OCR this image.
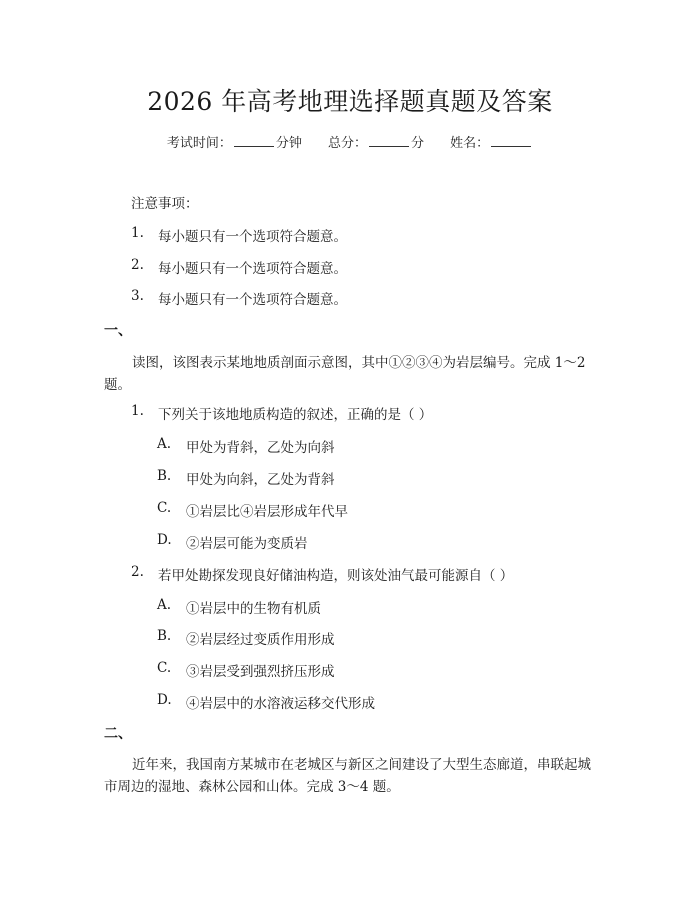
2026 年高考地理选择题真题及答案
考试时间：	分钟 总分：	分 姓名：
注意事项：
1. 每小题只有一个选项符合题意。
2. 每小题只有一个选项符合题意。
3. 每小题只有一个选项符合题意。
一、
读图，该图表示某地地质剖面示意图，其中①②③④为岩层编号。完成 1～2 题。
1. 下列关于该地地质构造的叙述，正确的是（ ）
A. 甲处为背斜，乙处为向斜
B. 甲处为向斜，乙处为背斜
C. ①岩层比④岩层形成年代早
D. ②岩层可能为变质岩
2. 若甲处勘探发现良好储油构造，则该处油气最可能源自（ ）
A. ①岩层中的生物有机质
B. ②岩层经过变质作用形成
C. ③岩层受到强烈挤压形成
D. ④岩层中的水溶液运移交代形成
二、
近年来，我国南方某城市在老城区与新区之间建设了大型生态廊道，串联起城市周边的湿地、森林公园和山体。完成 3～4 题。
